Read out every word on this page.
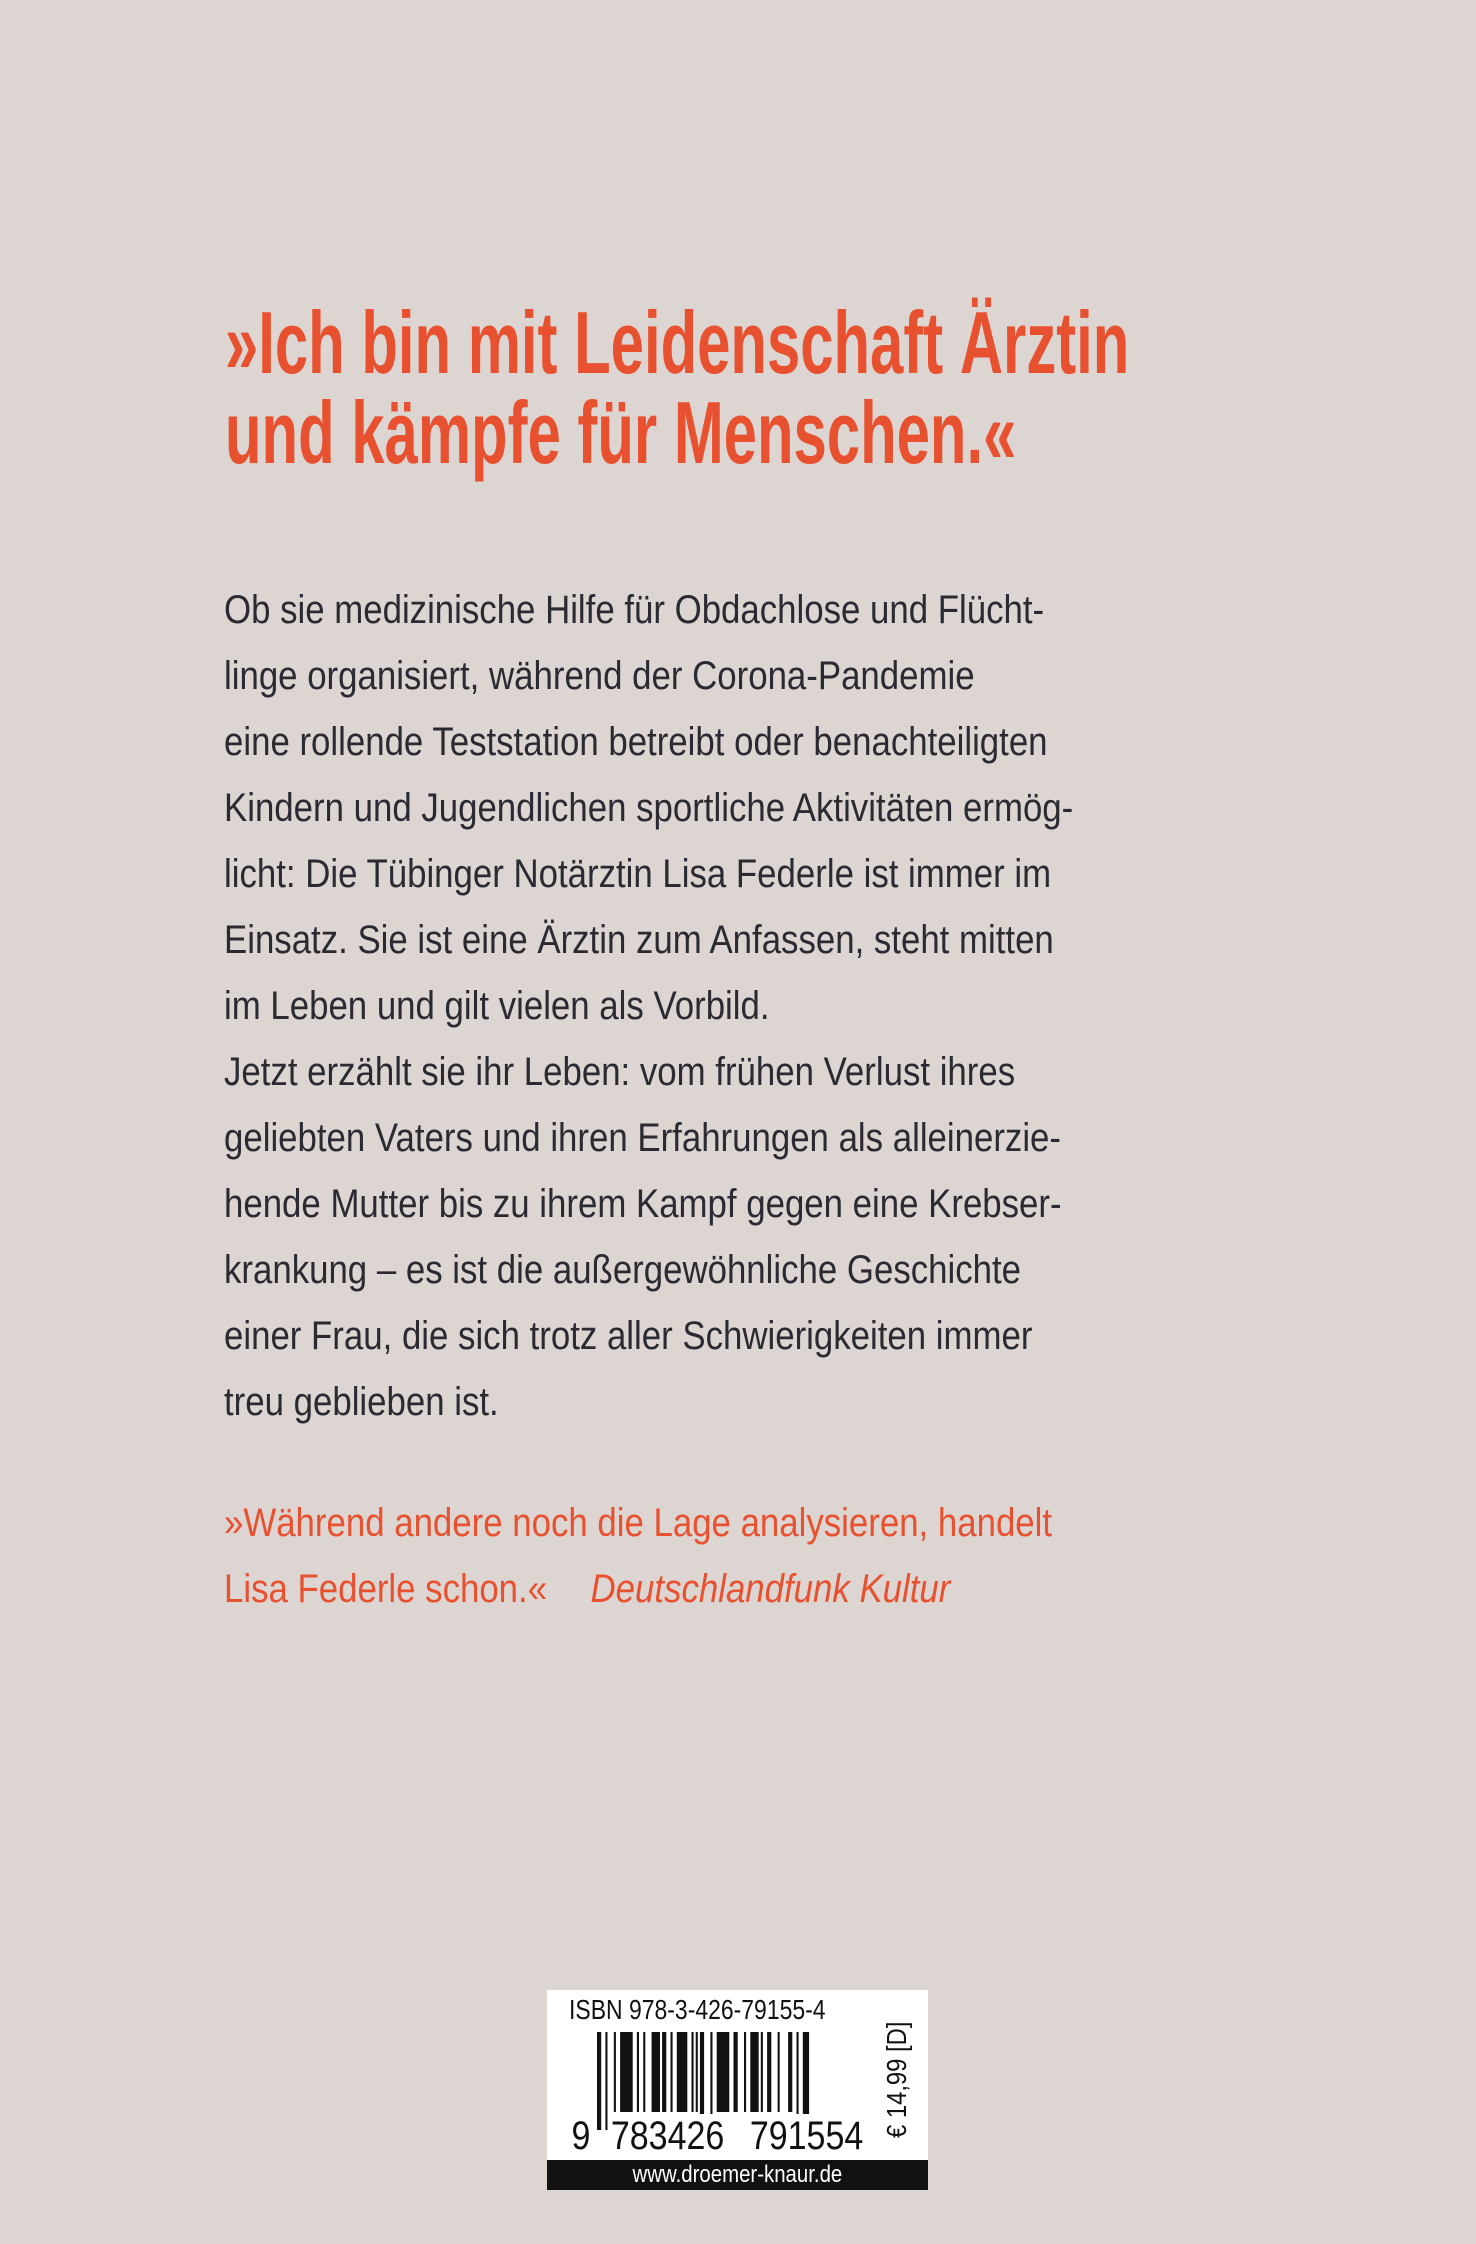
»Ich bin mit Leidenschaft Ärztin
und kämpfe für Menschen.«
Ob sie medizinische Hilfe für Obdachlose und Flücht-
linge organisiert, während der Corona-Pandemie
eine rollende Teststation betreibt oder benachteiligten
Kindern und Jugendlichen sportliche Aktivitäten ermög-
licht: Die Tübinger Notärztin Lisa Federle ist immer im
Einsatz. Sie ist eine Ärztin zum Anfassen, steht mitten
im Leben und gilt vielen als Vorbild.
Jetzt erzählt sie ihr Leben: vom frühen Verlust ihres
geliebten Vaters und ihren Erfahrungen als alleinerzie-
hende Mutter bis zu ihrem Kampf gegen eine Krebser-
krankung – es ist die außergewöhnliche Geschichte
einer Frau, die sich trotz aller Schwierigkeiten immer
treu geblieben ist.
»Während andere noch die Lage analysieren, handelt
Lisa Federle schon.« Deutschlandfunk Kultur
ISBN 978-3-426-79155-4
9 783426 791554 € 14,99 [D]
www.droemer-knaur.de
